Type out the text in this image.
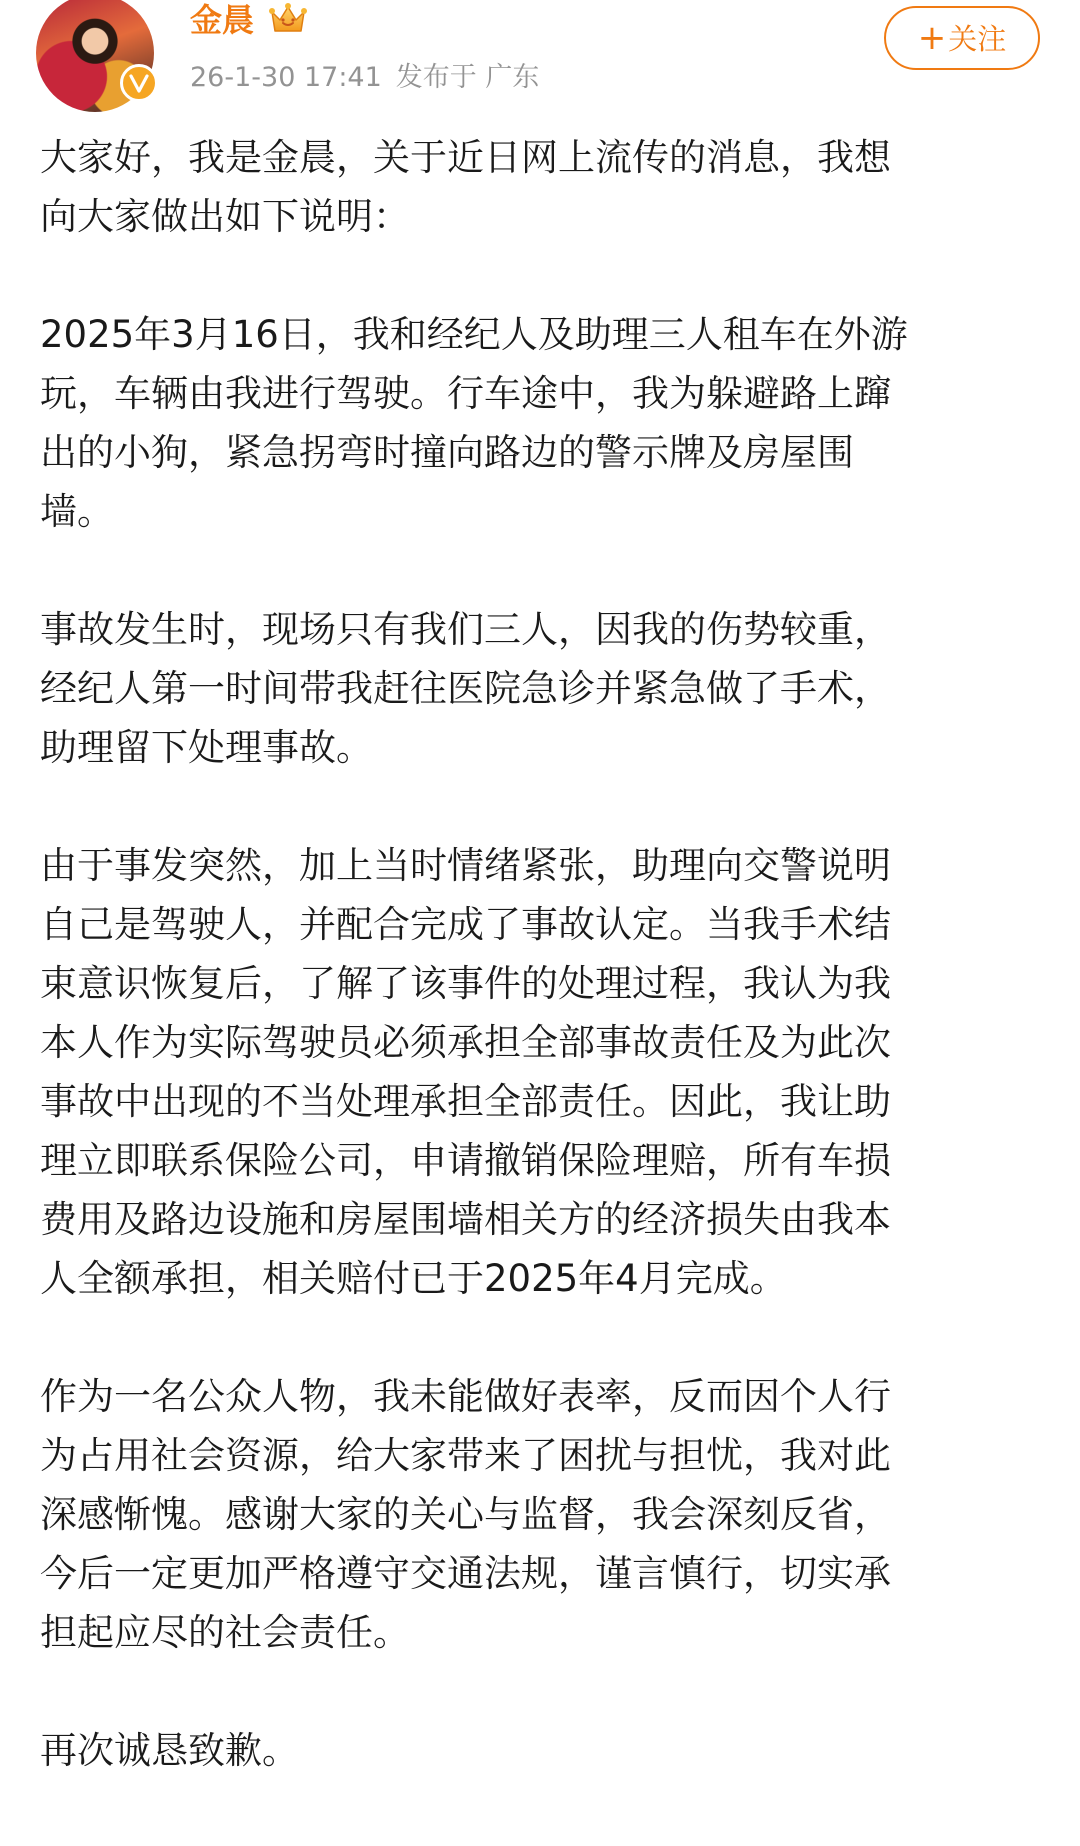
金晨
26-1-30 17:41 发布于 广东
+关注

大家好，我是金晨，关于近日网上流传的消息，我想
向大家做出如下说明：

2025年3月16日，我和经纪人及助理三人租车在外游
玩，车辆由我进行驾驶。行车途中，我为躲避路上蹿
出的小狗，紧急拐弯时撞向路边的警示牌及房屋围
墙。

事故发生时，现场只有我们三人，因我的伤势较重，
经纪人第一时间带我赶往医院急诊并紧急做了手术，
助理留下处理事故。

由于事发突然，加上当时情绪紧张，助理向交警说明
自己是驾驶人，并配合完成了事故认定。当我手术结
束意识恢复后，了解了该事件的处理过程，我认为我
本人作为实际驾驶员必须承担全部事故责任及为此次
事故中出现的不当处理承担全部责任。因此，我让助
理立即联系保险公司，申请撤销保险理赔，所有车损
费用及路边设施和房屋围墙相关方的经济损失由我本
人全额承担，相关赔付已于2025年4月完成。

作为一名公众人物，我未能做好表率，反而因个人行
为占用社会资源，给大家带来了困扰与担忧，我对此
深感惭愧。感谢大家的关心与监督，我会深刻反省，
今后一定更加严格遵守交通法规，谨言慎行，切实承
担起应尽的社会责任。

再次诚恳致歉。
